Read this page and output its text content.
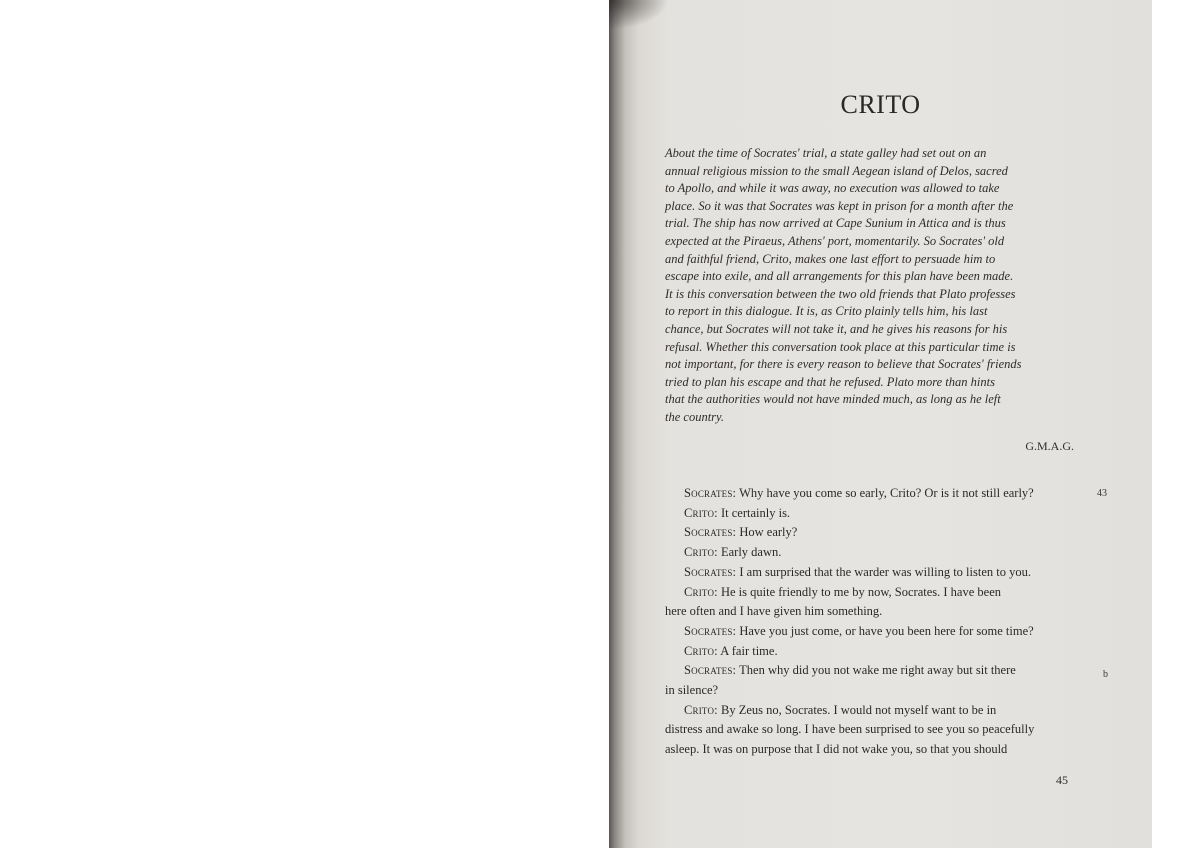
CRITO
About the time of Socrates' trial, a state galley had set out on an
annual religious mission to the small Aegean island of Delos, sacred
to Apollo, and while it was away, no execution was allowed to take
place. So it was that Socrates was kept in prison for a month after the
trial. The ship has now arrived at Cape Sunium in Attica and is thus
expected at the Piraeus, Athens' port, momentarily. So Socrates' old
and faithful friend, Crito, makes one last effort to persuade him to
escape into exile, and all arrangements for this plan have been made.
It is this conversation between the two old friends that Plato professes
to report in this dialogue. It is, as Crito plainly tells him, his last
chance, but Socrates will not take it, and he gives his reasons for his
refusal. Whether this conversation took place at this particular time is
not important, for there is every reason to believe that Socrates' friends
tried to plan his escape and that he refused. Plato more than hints
that the authorities would not have minded much, as long as he left
the country.
G.M.A.G.
Socrates: Why have you come so early, Crito? Or is it not still early?
Crito: It certainly is.
Socrates: How early?
Crito: Early dawn.
Socrates: I am surprised that the warder was willing to listen to you.
Crito: He is quite friendly to me by now, Socrates. I have been
here often and I have given him something.
Socrates: Have you just come, or have you been here for some time?
Crito: A fair time.
Socrates: Then why did you not wake me right away but sit there
in silence?
Crito: By Zeus no, Socrates. I would not myself want to be in
distress and awake so long. I have been surprised to see you so peacefully
asleep. It was on purpose that I did not wake you, so that you should
43
b
45
